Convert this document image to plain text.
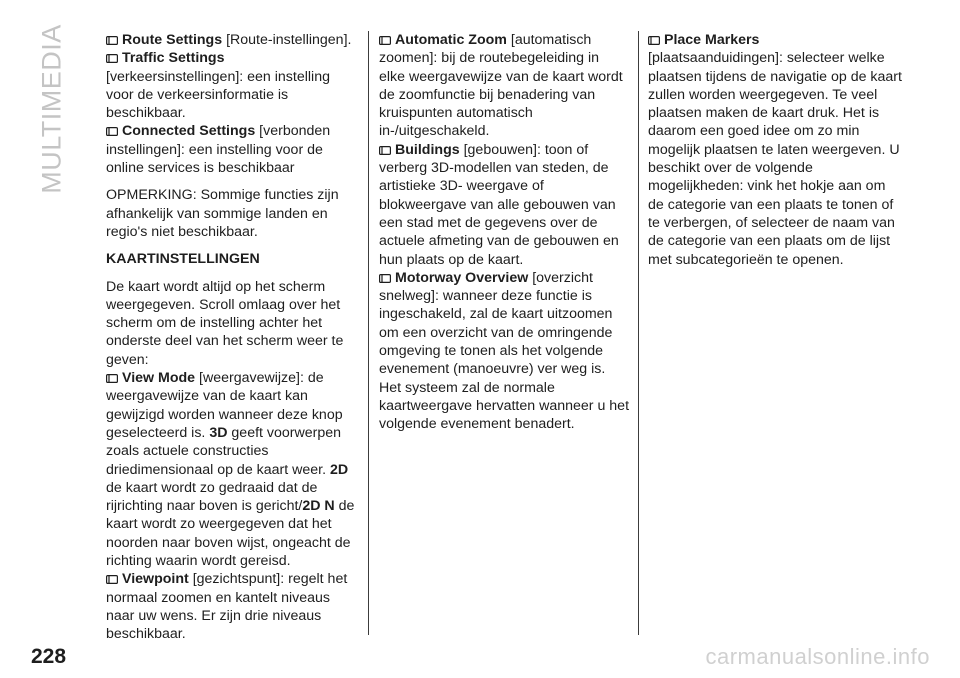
MULTIMEDIA	Route Settings [Route-instellingen].

Traffic Settings
[verkeersinstellingen]: een instelling voor de verkeersinformatie is beschikbaar.

Connected Settings [verbonden instellingen]: een instelling voor de online services is beschikbaar

OPMERKING: Sommige functies zijn afhankelijk van sommige landen en regio's niet beschikbaar.

KAARTINSTELLINGEN

De kaart wordt altijd op het scherm weergegeven. Scroll omlaag over het scherm om de instelling achter het onderste deel van het scherm weer te geven:

View Mode [weergavewijze]: de weergavewijze van de kaart kan gewijzigd worden wanneer deze knop geselecteerd is. 3D geeft voorwerpen zoals actuele constructies driedimensionaal op de kaart weer. 2D de kaart wordt zo gedraaid dat de rijrichting naar boven is gericht/2D N de kaart wordt zo weergegeven dat het noorden naar boven wijst, ongeacht de richting waarin wordt gereisd.

Viewpoint [gezichtspunt]: regelt het normaal zoomen en kantelt niveaus naar uw wens. Er zijn drie niveaus beschikbaar.

Automatic Zoom [automatisch zoomen]: bij de routebegeleiding in elke weergavewijze van de kaart wordt de zoomfunctie bij benadering van kruispunten automatisch in-/uitgeschakeld.

Buildings [gebouwen]: toon of verberg 3D-modellen van steden, de artistieke 3D- weergave of blokweergave van alle gebouwen van een stad met de gegevens over de actuele afmeting van de gebouwen en hun plaats op de kaart.

Motorway Overview [overzicht snelweg]: wanneer deze functie is ingeschakeld, zal de kaart uitzoomen om een overzicht van de omringende omgeving te tonen als het volgende evenement (manoeuvre) ver weg is. Het systeem zal de normale kaartweergave hervatten wanneer u het volgende evenement benadert.

Place Markers
[plaatsaanduidingen]: selecteer welke plaatsen tijdens de navigatie op de kaart zullen worden weergegeven. Te veel plaatsen maken de kaart druk. Het is daarom een goed idee om zo min mogelijk plaatsen te laten weergeven. U beschikt over de volgende mogelijkheden: vink het hokje aan om de categorie van een plaats te tonen of te verbergen, of selecteer de naam van de categorie van een plaats om de lijst met subcategorieën te openen.

228	carmanualsonline.info
